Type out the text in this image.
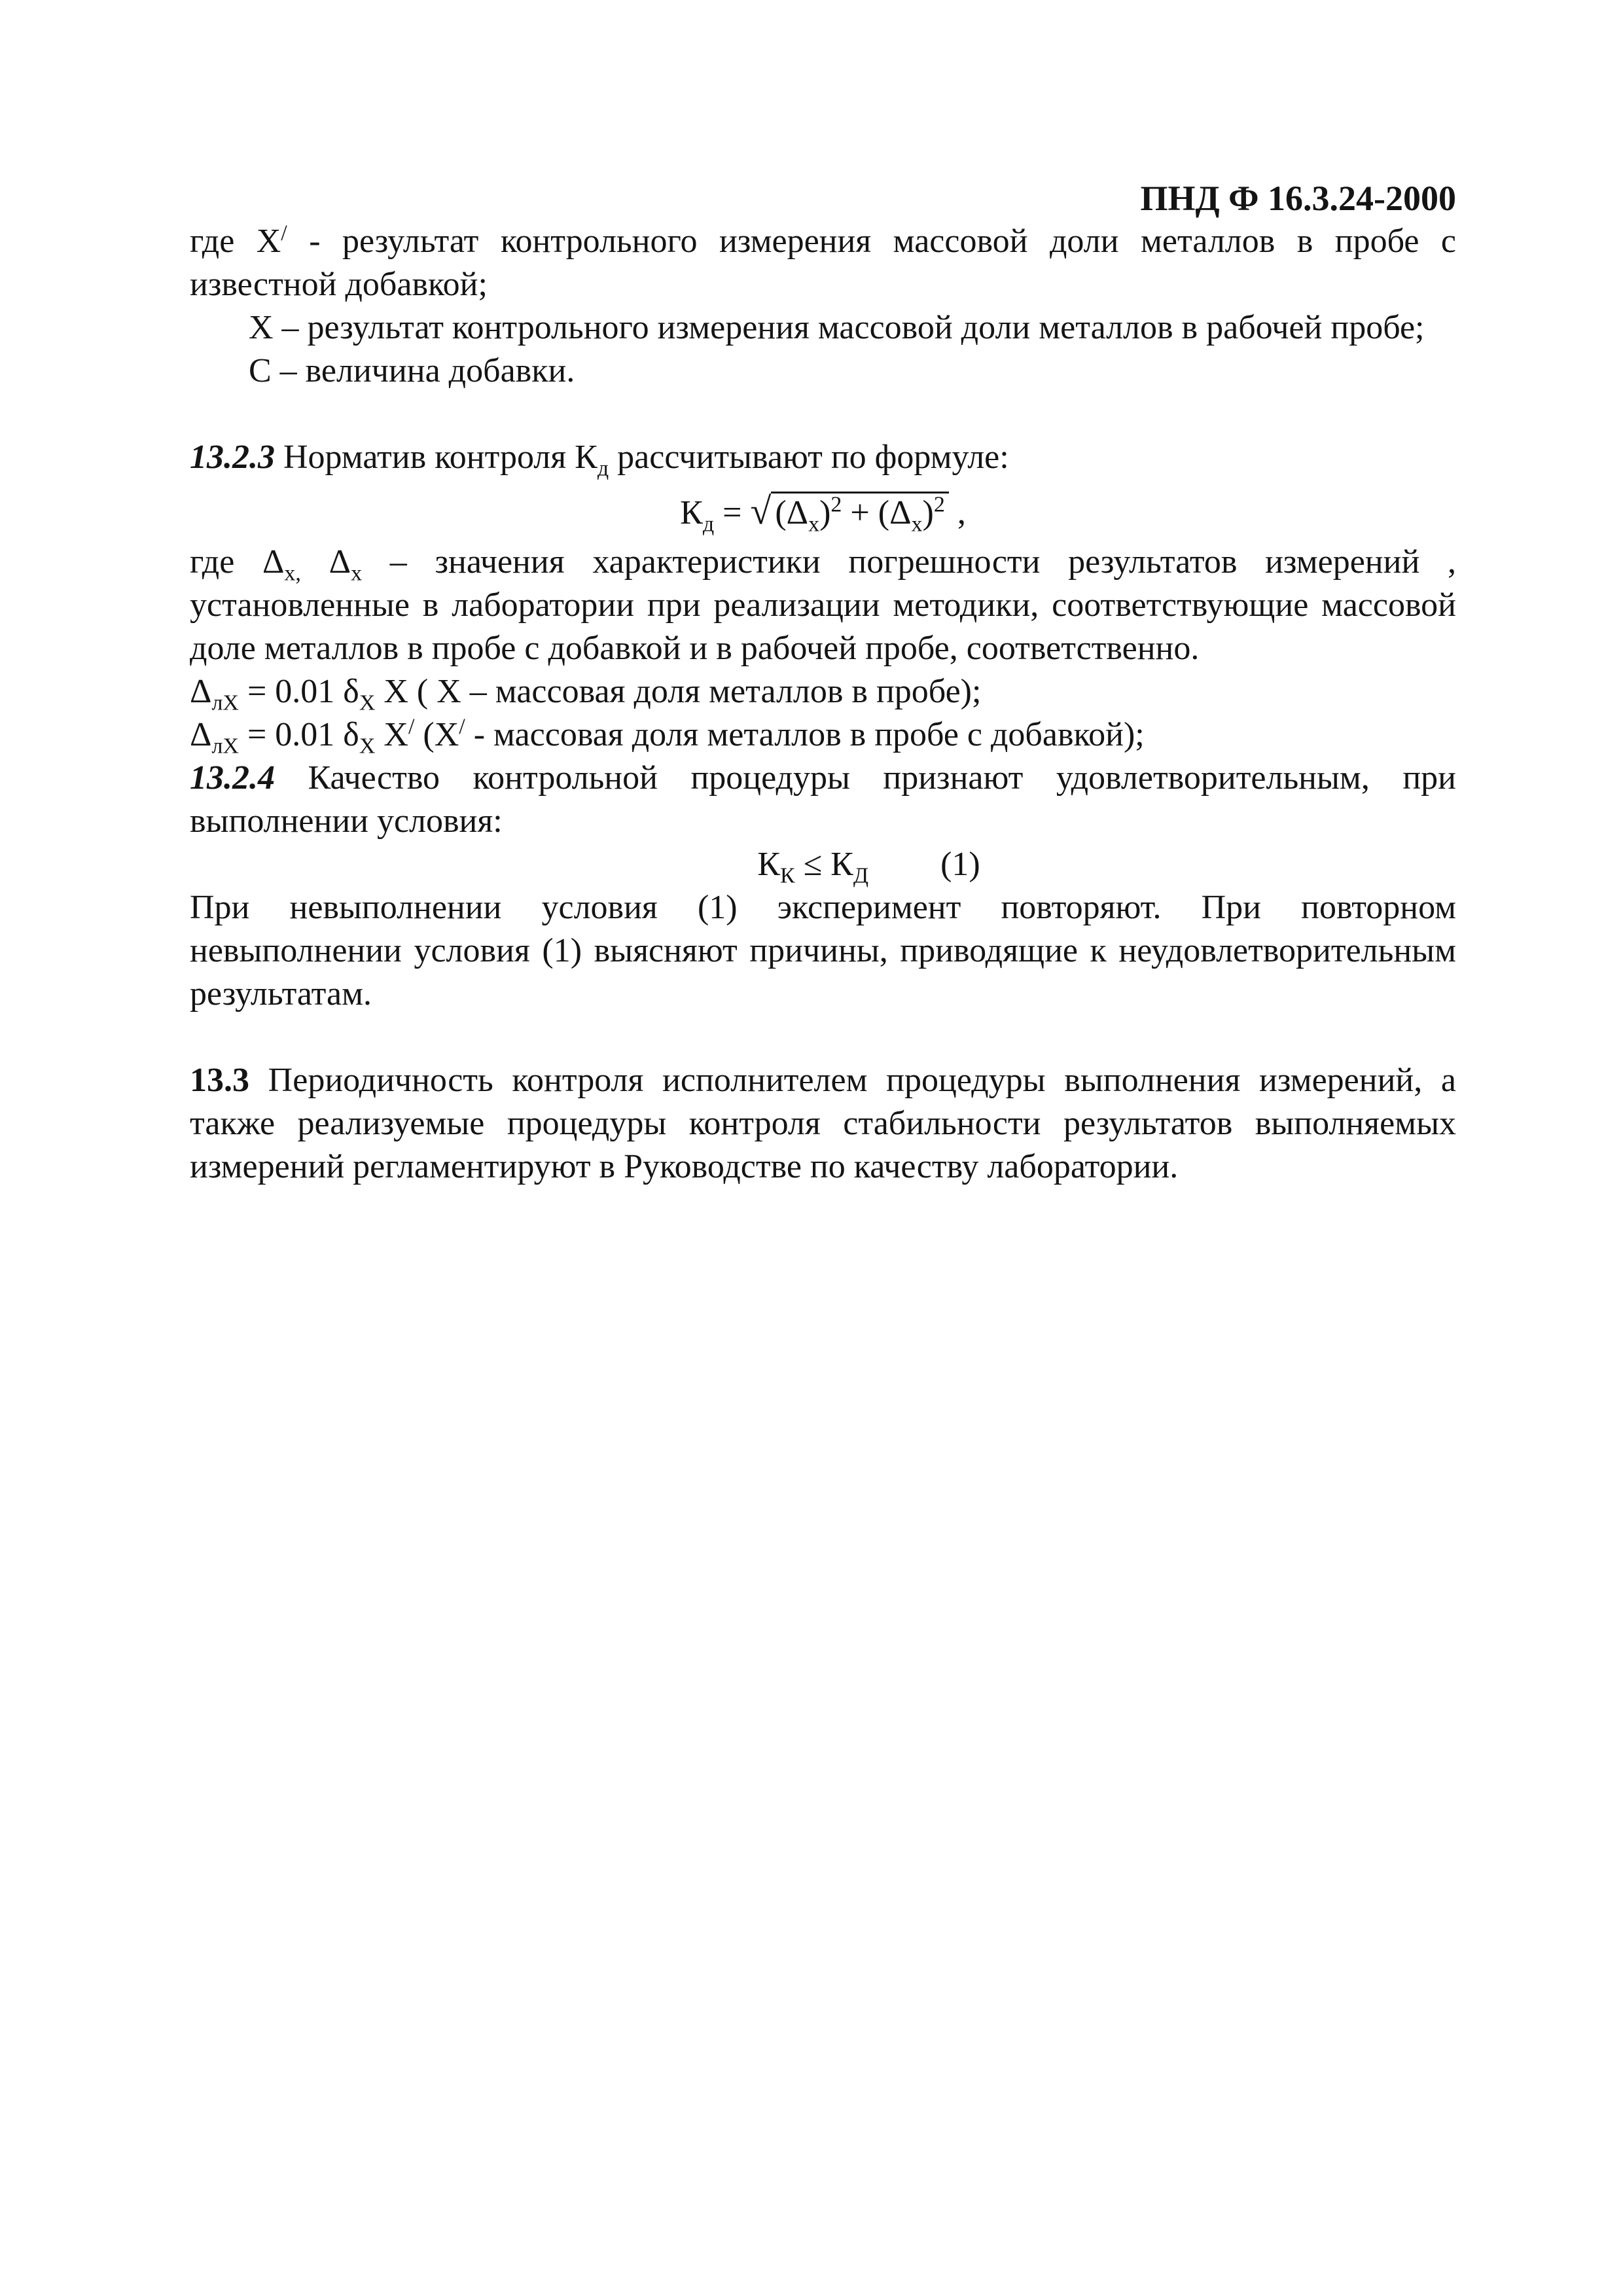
ПНД Ф 16.3.24-2000

где X/ - результат контрольного измерения массовой доли металлов в пробе с известной добавкой;

X – результат контрольного измерения массовой доли металлов в рабочей пробе;

C – величина добавки.

13.2.3 Норматив контроля $К_д$ рассчитывают по формуле:

$К_д$ = √ $(\Delta_x)^2 + (\Delta_x)^2$ ,

где $\Delta_{x,}$ $\Delta_x$ – значения характеристики погрешности результатов измерений , установленные в лаборатории при реализации методики, соответствующие массовой доле металлов в пробе с добавкой и в рабочей пробе, соответственно.

$\Delta_{лX} = 0.01$ $\delta_X$ X ( X – массовая доля металлов в пробе);

$\Delta_{лX} = 0.01$ $\delta_X$ X/ (X/ - массовая доля металлов в пробе с добавкой);

13.2.4 Качество контрольной процедуры признают удовлетворительным, при выполнении условия:

$К_К \le К_Д$ (1)

При невыполнении условия (1) эксперимент повторяют. При повторном невыполнении условия (1) выясняют причины, приводящие к неудовлетворительным результатам.

13.3 Периодичность контроля исполнителем процедуры выполнения измерений, а также реализуемые процедуры контроля стабильности результатов выполняемых измерений регламентируют в Руководстве по качеству лаборатории.
